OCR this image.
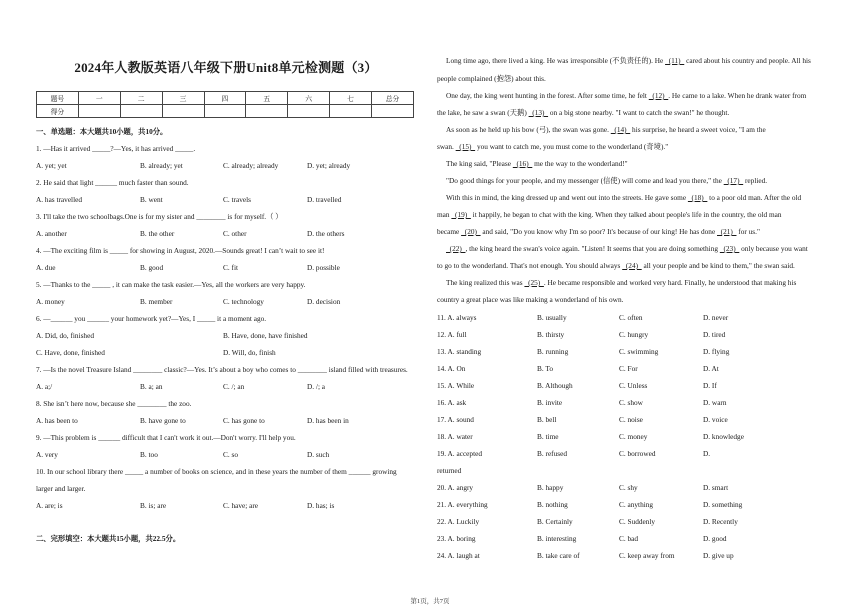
2024年人教版英语八年级下册Unit8单元检测题（3）
题号	一	二	三	四	五	六	七	总分
得分								
一、单选题：本大题共10小题，共10分。
1. —Has it arrived _____?—Yes, it has arrived _____.
A. yet; yet	B. already; yet	C. already; already	D. yet; already
2. He said that light ______ much faster than sound.
A. has travelled	B. went	C. travels	D. travelled
3. I'll take the two schoolbags.One is for my sister and ________ is for myself.（ ）
A. another	B. the other	C. other	D. the others
4. —The exciting film is _____ for showing in August, 2020.—Sounds great! I can’t wait to see it!
A. due	B. good	C. fit	D. possible
5. —Thanks to the _____ , it can make the task easier.—Yes, all the workers are very happy.
A. money	B. member	C. technology	D. decision
6. —______ you ______ your homework yet?—Yes, I _____ it a moment ago.
A. Did, do, finished	B. Have, done, have finished
C. Have, done, finished	D. Will, do, finish
7. —Is the novel Treasure Island ________ classic?—Yes. It’s about a boy who comes to ________ island filled with treasures.
A. a;/	B. a; an	C. /; an	D. /; a
8. She isn’t here now, because she ________ the zoo.
A. has been to	B. have gone to	C. has gone to	D. has been in
9. —This problem is ______ difficult that I can't work it out.—Don't worry. I'll help you.
A. very	B. too	C. so	D. such
10. In our school library there _____ a number of books on science, and in these years the number of them ______ growing
larger and larger.
A. are; is	B. is; are	C. have; are	D. has; is
二、完形填空：本大题共15小题，共22.5分。
Long time ago, there lived a king. He was irresponsible (不负责任的). He   (11)   cared about his country and people. All his
people complained (抱怨) about this.
One day, the king went hunting in the forest. After some time, he felt   (12)  . He came to a lake. When he drank water from
the lake, he saw a swan (天鹅)   (13)   on a big stone nearby. "I want to catch the swan!" he thought.
As soon as he held up his bow (弓), the swan was gone.   (14)   his surprise, he heard a sweet voice, "I am the
swan.   (15)   you want to catch me, you must come to the wonderland (奇境)."
The king said, "Please   (16)   me the way to the wonderland!"
"Do good things for your people, and my messenger (信使) will come and lead you there," the   (17)   replied.
With this in mind, the king dressed up and went out into the streets. He gave some   (18)   to a poor old man. After the old
man   (19)   it happily, he began to chat with the king. When they talked about people's life in the country, the old man
became   (20)   and said, "Do you know why I'm so poor? It's because of our king! He has done   (21)   for us."
(22)  , the king heard the swan's voice again. "Listen! It seems that you are doing something   (23)   only because you want
to go to the wonderland. That's not enough. You should always   (24)   all your people and be kind to them," the swan said.
The king realized this was   (25)  . He became responsible and worked very hard. Finally, he understood that making his
country a great place was like making a wonderland of his own.
11. A. always	B. usually	C. often	D. never
12. A. full	B. thirsty	C. hungry	D. tired
13. A. standing	B. running	C. swimming	D. flying
14. A. On	B. To	C. For	D. At
15. A. While	B. Although	C. Unless	D. If
16. A. ask	B. invite	C. show	D. warn
17. A. sound	B. bell	C. noise	D. voice
18. A. water	B. time	C. money	D. knowledge
19. A. accepted	B. refused	C. borrowed	D.
returned
20. A. angry	B. happy	C. shy	D. smart
21. A. everything	B. nothing	C. anything	D. something
22. A. Luckily	B. Certainly	C. Suddenly	D. Recently
23. A. boring	B. interesting	C. bad	D. good
24. A. laugh at	B. take care of	C. keep away from	D. give up
第1页，共7页
